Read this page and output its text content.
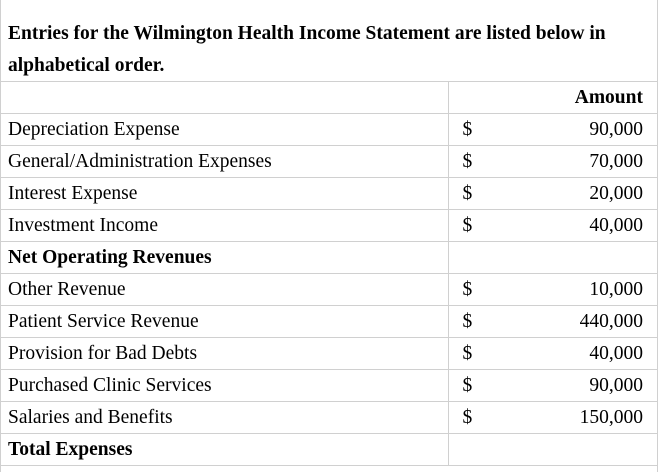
Entries for the Wilmington Health Income Statement are listed below in alphabetical order.
		Amount
Depreciation Expense	$	90,000
General/Administration Expenses	$	70,000
Interest Expense	$	20,000
Investment Income	$	40,000
Net Operating Revenues		
Other Revenue	$	10,000
Patient Service Revenue	$	440,000
Provision for Bad Debts	$	40,000
Purchased Clinic Services	$	90,000
Salaries and Benefits	$	150,000
Total Expenses		
